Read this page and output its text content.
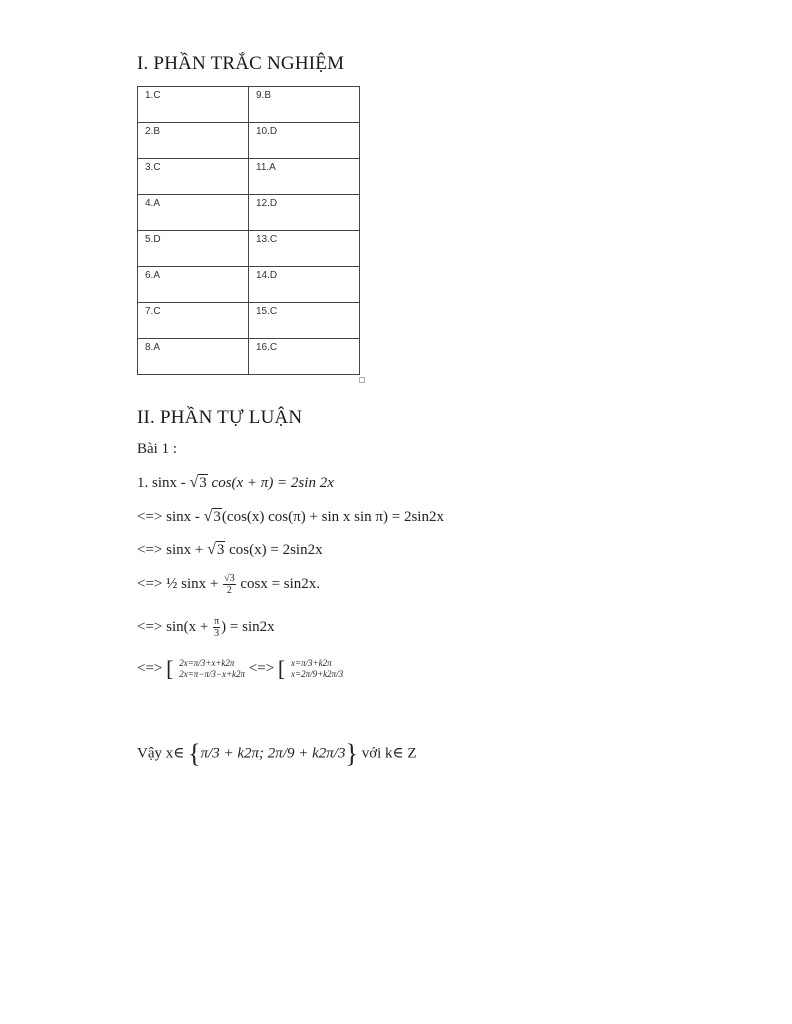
I. PHẦN TRẮC NGHIỆM
1.C	9.B
2.B	10.D
3.C	11.A
4.A	12.D
5.D	13.C
6.A	14.D
7.C	15.C
8.A	16.C
II. PHẦN TỰ LUẬN
Bài 1 :
1. sinx - √3 cos(x + π) = 2sin 2x
<=> sinx - √3(cos(x) cos(π) + sin x sin π) = 2sin2x
<=> sinx + √3 cos(x) = 2sin2x
<=> ½ $\sin x + \frac{√3}{2}$ cosx = sin2x.
<=> $\sin(x + \frac{\pi}{3}$ ) = sin2x
<=> [ 2x=π/3+x+k2π
2x=π−π/3−x+k2π <=> [ x=π/3+k2π
x=2π/9+k2π/3
Vậy x∈ {π/3 + k2π; 2π/9 + k2π/3} với k∈ Z
